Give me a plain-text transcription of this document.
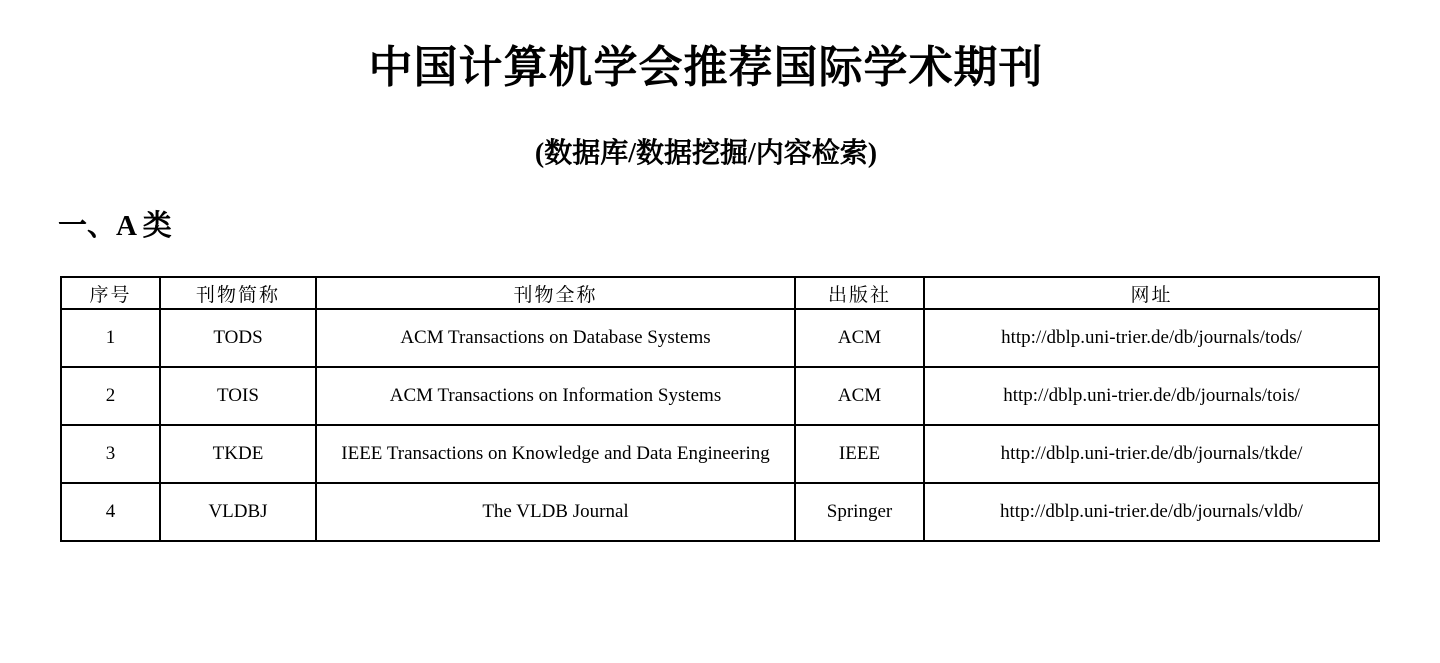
中国计算机学会推荐国际学术期刊
(数据库/数据挖掘/内容检索)
一、A 类
序号	刊物简称	刊物全称	出版社	网址
1	TODS	ACM Transactions on Database Systems	ACM	http://dblp.uni-trier.de/db/journals/tods/
2	TOIS	ACM Transactions on Information Systems	ACM	http://dblp.uni-trier.de/db/journals/tois/
3	TKDE	IEEE Transactions on Knowledge and Data Engineering	IEEE	http://dblp.uni-trier.de/db/journals/tkde/
4	VLDBJ	The VLDB Journal	Springer	http://dblp.uni-trier.de/db/journals/vldb/
